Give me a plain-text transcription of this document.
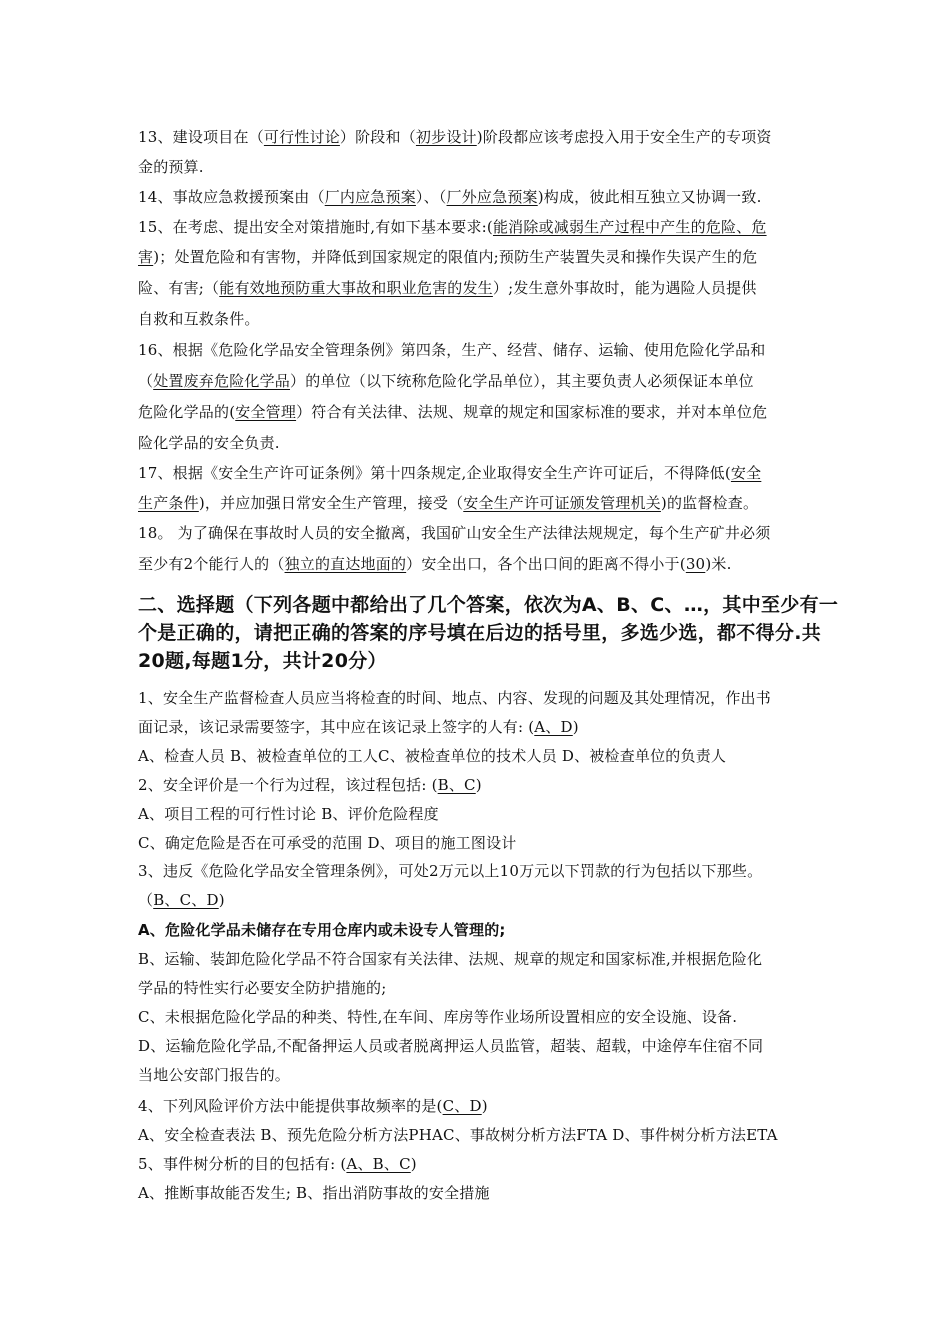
13、建设项目在（可行性讨论）阶段和（初步设计)阶段都应该考虑投入用于安全生产的专项资
金的预算.
14、事故应急救援预案由（厂内应急预案）、（厂外应急预案)构成，彼此相互独立又协调一致.
15、在考虑、提出安全对策措施时,有如下基本要求:(能消除或减弱生产过程中产生的危险、危
害)；处置危险和有害物，并降低到国家规定的限值内;预防生产装置失灵和操作失误产生的危
险、有害;（能有效地预防重大事故和职业危害的发生）;发生意外事故时，能为遇险人员提供
自救和互救条件。
16、根据《危险化学品安全管理条例》第四条，生产、经营、储存、运输、使用危险化学品和
（处置废弃危险化学品）的单位（以下统称危险化学品单位），其主要负责人必须保证本单位
危险化学品的(安全管理）符合有关法律、法规、规章的规定和国家标准的要求，并对本单位危
险化学品的安全负责.
17、根据《安全生产许可证条例》第十四条规定,企业取得安全生产许可证后，不得降低(安全
生产条件)，并应加强日常安全生产管理，接受（安全生产许可证颁发管理机关)的监督检查。
18。 为了确保在事故时人员的安全撤离，我国矿山安全生产法律法规规定，每个生产矿井必须
至少有2个能行人的（独立的直达地面的）安全出口，各个出口间的距离不得小于(30)米.
二、选择题（下列各题中都给出了几个答案，依次为A、B、C、…，其中至少有一
个是正确的，请把正确的答案的序号填在后边的括号里，多选少选，都不得分.共
20题,每题1分，共计20分）
1、安全生产监督检查人员应当将检查的时间、地点、内容、发现的问题及其处理情况，作出书
面记录，该记录需要签字，其中应在该记录上签字的人有: (A、D)
A、检查人员 B、被检查单位的工人C、被检查单位的技术人员 D、被检查单位的负责人
2、安全评价是一个行为过程，该过程包括: (B、C)
A、项目工程的可行性讨论 B、评价危险程度
C、确定危险是否在可承受的范围 D、项目的施工图设计
3、违反《危险化学品安全管理条例》，可处2万元以上10万元以下罚款的行为包括以下那些。
（B、C、D)
A、危险化学品未储存在专用仓库内或未设专人管理的;
B、运输、装卸危险化学品不符合国家有关法律、法规、规章的规定和国家标准,并根据危险化
学品的特性实行必要安全防护措施的;
C、未根据危险化学品的种类、特性,在车间、库房等作业场所设置相应的安全设施、设备.
D、运输危险化学品,不配备押运人员或者脱离押运人员监管，超装、超载，中途停车住宿不同
当地公安部门报告的。
4、下列风险评价方法中能提供事故频率的是(C、D)
A、安全检查表法 B、预先危险分析方法PHAC、事故树分析方法FTA D、事件树分析方法ETA
5、事件树分析的目的包括有: (A、B、C)
A、推断事故能否发生; B、指出消防事故的安全措施
